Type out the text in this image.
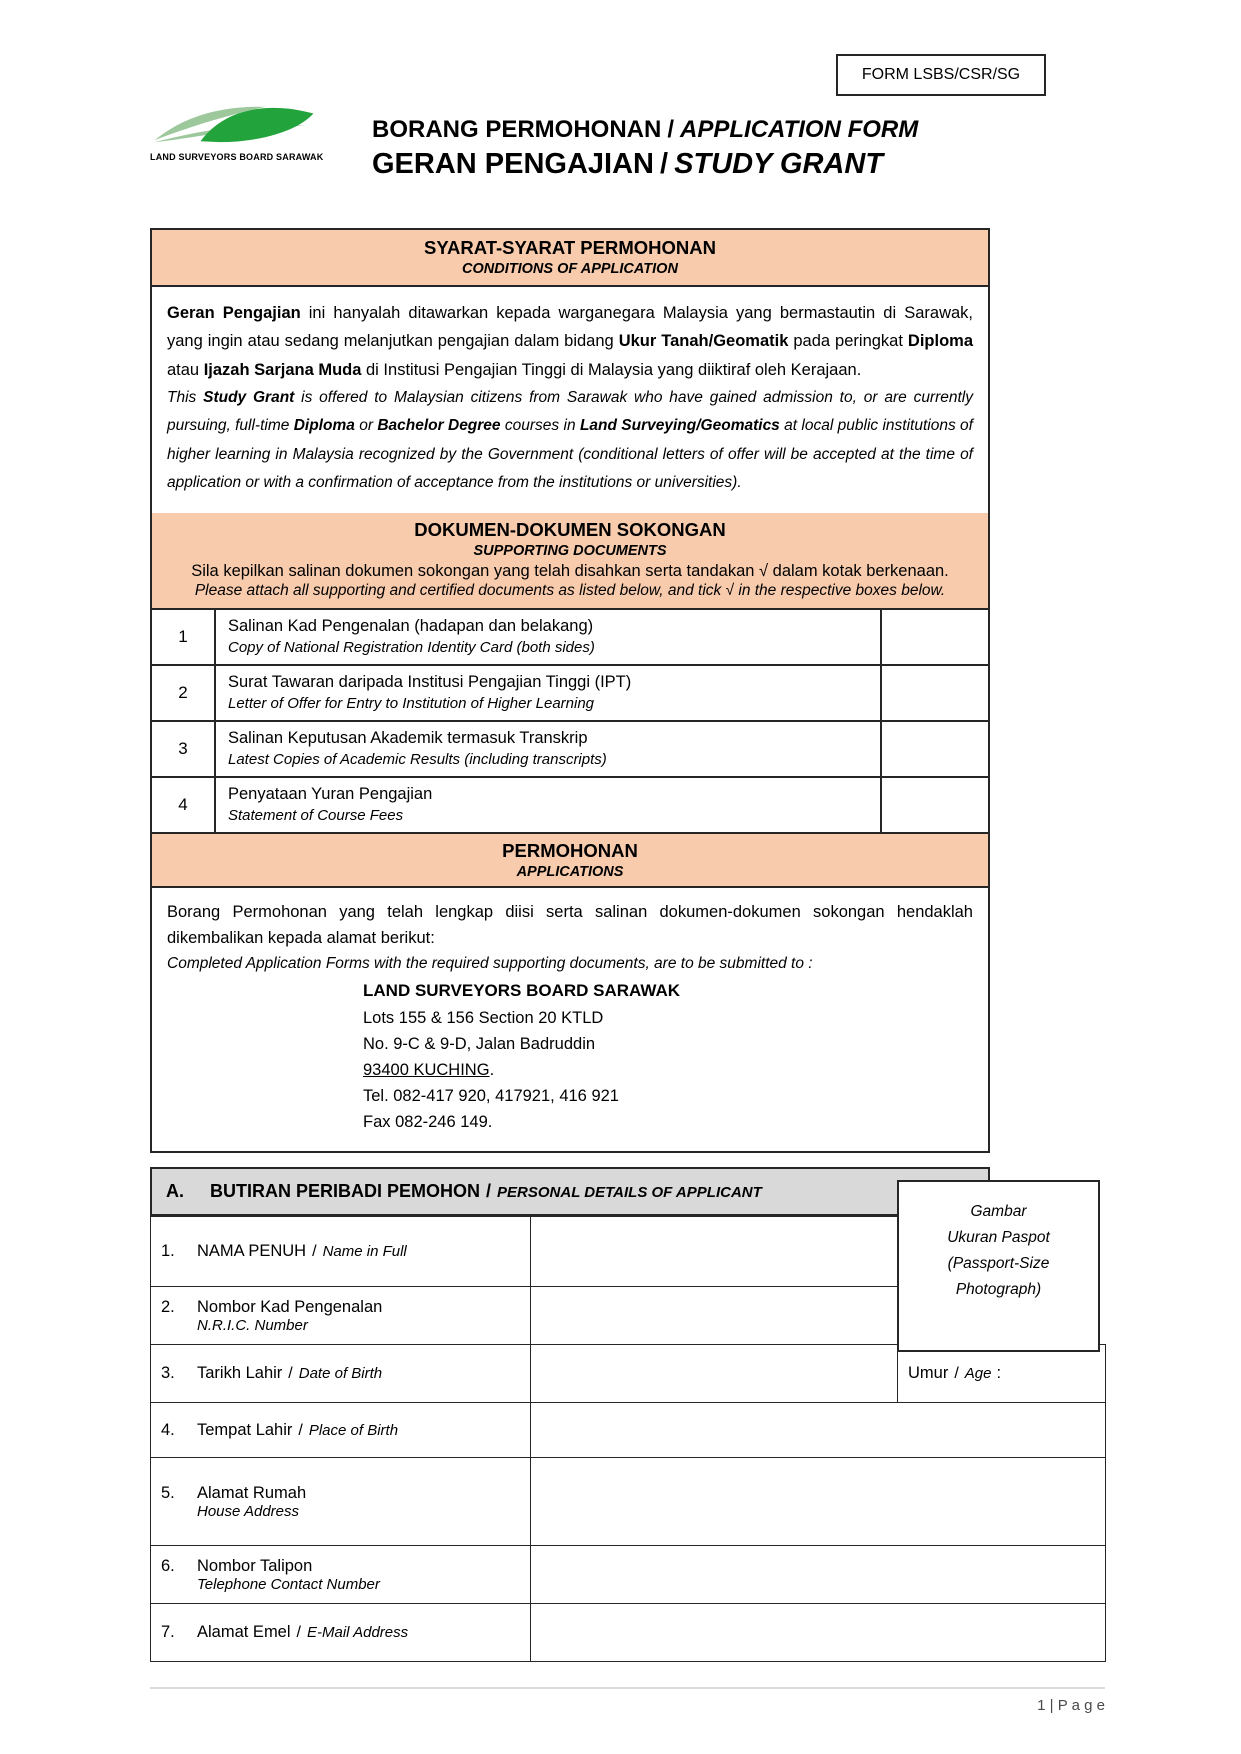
FORM LSBS/CSR/SG
LAND SURVEYORS BOARD SARAWAK
BORANG PERMOHONAN / APPLICATION FORM
GERAN PENGAJIAN / STUDY GRANT
SYARAT-SYARAT PERMOHONAN
CONDITIONS OF APPLICATION

Geran Pengajian ini hanyalah ditawarkan kepada warganegara Malaysia yang bermastautin di Sarawak, yang ingin atau sedang melanjutkan pengajian dalam bidang Ukur Tanah/Geomatik pada peringkat Diploma atau Ijazah Sarjana Muda di Institusi Pengajian Tinggi di Malaysia yang diiktiraf oleh Kerajaan.

This Study Grant is offered to Malaysian citizens from Sarawak who have gained admission to, or are currently pursuing, full-time Diploma or Bachelor Degree courses in Land Surveying/Geomatics at local public institutions of higher learning in Malaysia recognized by the Government (conditional letters of offer will be accepted at the time of application or with a confirmation of acceptance from the institutions or universities).

DOKUMEN-DOKUMEN SOKONGAN
SUPPORTING DOCUMENTS
Sila kepilkan salinan dokumen sokongan yang telah disahkan serta tandakan √ dalam kotak berkenaan.
Please attach all supporting and certified documents as listed below, and tick √ in the respective boxes below.
1
Salinan Kad Pengenalan (hadapan dan belakang)
Copy of National Registration Identity Card (both sides)
2
Surat Tawaran daripada Institusi Pengajian Tinggi (IPT)
Letter of Offer for Entry to Institution of Higher Learning
3
Salinan Keputusan Akademik termasuk Transkrip
Latest Copies of Academic Results (including transcripts)
4
Penyataan Yuran Pengajian
Statement of Course Fees
PERMOHONAN
APPLICATIONS

Borang Permohonan yang telah lengkap diisi serta salinan dokumen-dokumen sokongan hendaklah dikembalikan kepada alamat berikut:

Completed Application Forms with the required supporting documents, are to be submitted to :
LAND SURVEYORS BOARD SARAWAK
Lots 155 & 156 Section 20 KTLD
No. 9-C & 9-D, Jalan Badruddin
93400 KUCHING.
Tel. 082-417 920, 417921, 416 921
Fax 082-246 149.
A. BUTIRAN PERIBADI PEMOHON / PERSONAL DETAILS OF APPLICANT
1. NAMA PENUH / Name in Full		

2. Nombor Kad Pengenalan
N.R.I.C. Number		

3. Tarikh Lahir / Date of Birth		Umur / Age :

4. Tempat Lahir / Place of Birth		

5. Alamat Rumah
House Address		

6. Nombor Talipon
Telephone Contact Number		

7. Alamat Emel / E-Mail Address		

Gambar
Ukuran Paspot
(Passport-Size
Photograph)
1 | P a g e
